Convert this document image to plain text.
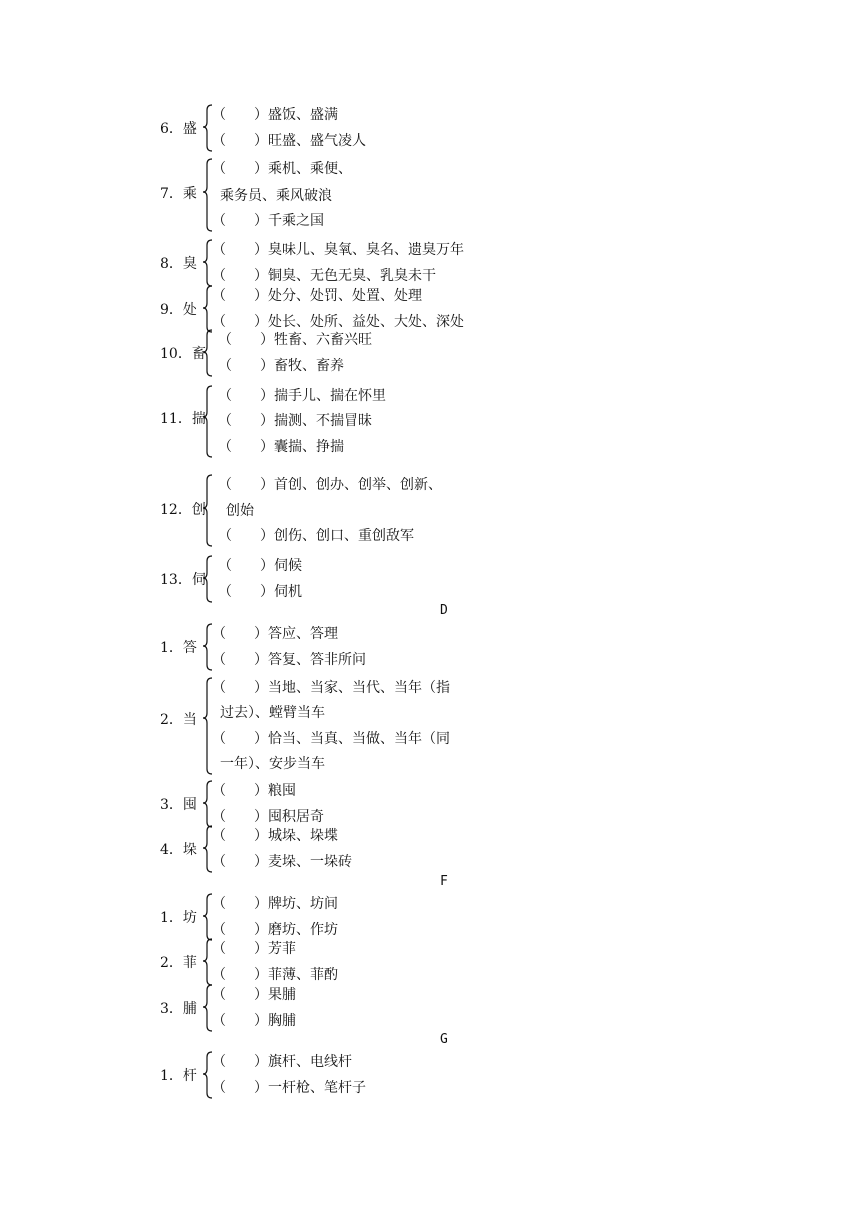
D
F
G
6．盛
（　　）盛饭、盛满
（　　）旺盛、盛气凌人
7．乘
（　　）乘机、乘便、
乘务员、乘风破浪
（　　）千乘之国
8．臭
（　　）臭味儿、臭氧、臭名、遗臭万年
（　　）铜臭、无色无臭、乳臭未干
9．处
（　　）处分、处罚、处置、处理
（　　）处长、处所、益处、大处、深处
10．畜
（　　）牲畜、六畜兴旺
（　　）畜牧、畜养
11．揣
（　　）揣手儿、揣在怀里
（　　）揣测、不揣冒昧
（　　）囊揣、挣揣
12．创
（　　）首创、创办、创举、创新、
创始
（　　）创伤、创口、重创敌军
13．伺
（　　）伺候
（　　）伺机
1．答
（　　）答应、答理
（　　）答复、答非所问
2．当
（　　）当地、当家、当代、当年（指
过去）、螳臂当车
（　　）恰当、当真、当做、当年（同
一年）、安步当车
3．囤
（　　）粮囤
（　　）囤积居奇
4．垛
（　　）城垛、垛堞
（　　）麦垛、一垛砖
1．坊
（　　）牌坊、坊间
（　　）磨坊、作坊
2．菲
（　　）芳菲
（　　）菲薄、菲酌
3．脯
（　　）果脯
（　　）胸脯
1．杆
（　　）旗杆、电线杆
（　　）一杆枪、笔杆子
